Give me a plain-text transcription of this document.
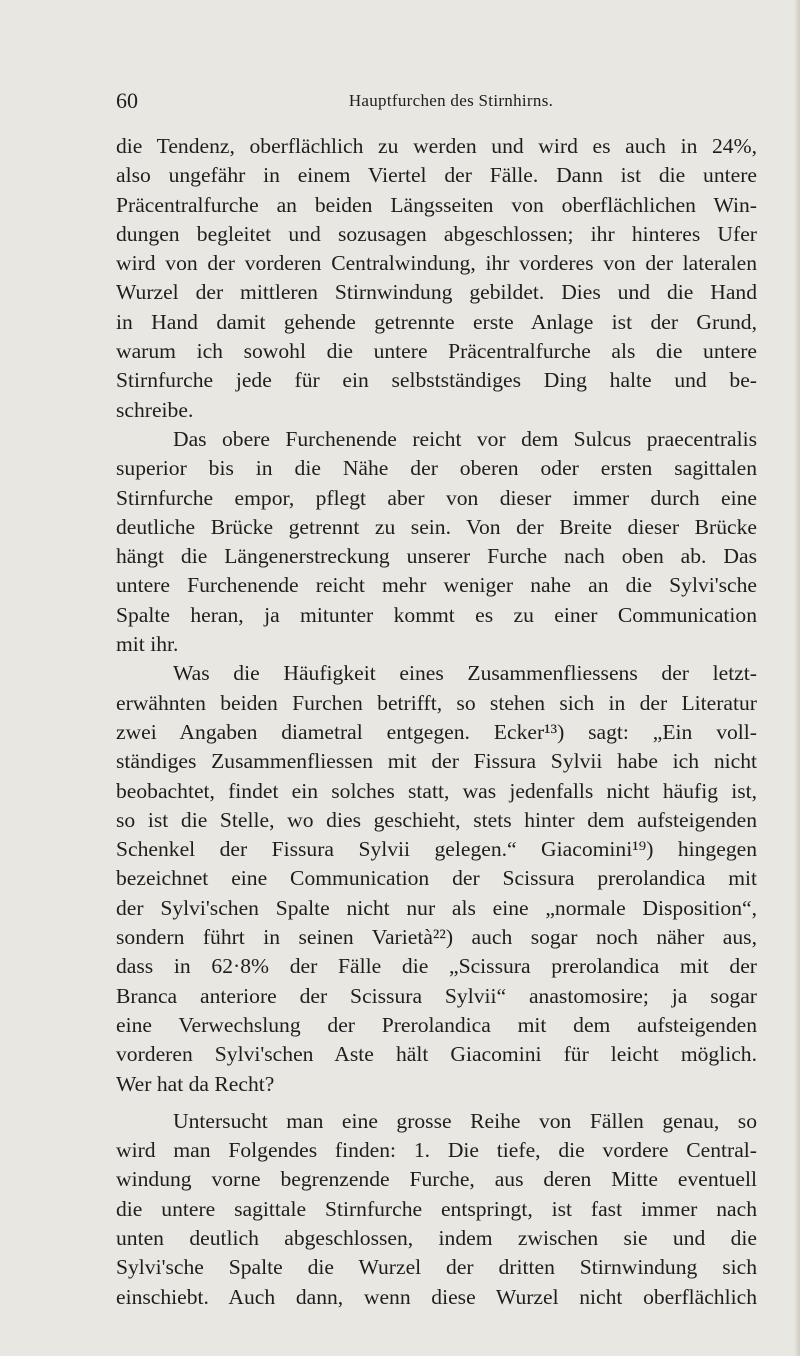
60	Hauptfurchen des Stirnhirns.
die Tendenz, oberflächlich zu werden und wird es auch in 24%,
also ungefähr in einem Viertel der Fälle. Dann ist die untere
Präcentralfurche an beiden Längsseiten von oberflächlichen Win-
dungen begleitet und sozusagen abgeschlossen; ihr hinteres Ufer
wird von der vorderen Centralwindung, ihr vorderes von der lateralen
Wurzel der mittleren Stirnwindung gebildet. Dies und die Hand
in Hand damit gehende getrennte erste Anlage ist der Grund,
warum ich sowohl die untere Präcentralfurche als die untere
Stirnfurche jede für ein selbstständiges Ding halte und be-
schreibe.
Das obere Furchenende reicht vor dem Sulcus praecentralis
superior bis in die Nähe der oberen oder ersten sagittalen
Stirnfurche empor, pflegt aber von dieser immer durch eine
deutliche Brücke getrennt zu sein. Von der Breite dieser Brücke
hängt die Längenerstreckung unserer Furche nach oben ab. Das
untere Furchenende reicht mehr weniger nahe an die Sylvi'sche
Spalte heran, ja mitunter kommt es zu einer Communication
mit ihr.
Was die Häufigkeit eines Zusammenfliessens der letzt-
erwähnten beiden Furchen betrifft, so stehen sich in der Literatur
zwei Angaben diametral entgegen. Ecker¹³) sagt: „Ein voll-
ständiges Zusammenfliessen mit der Fissura Sylvii habe ich nicht
beobachtet, findet ein solches statt, was jedenfalls nicht häufig ist,
so ist die Stelle, wo dies geschieht, stets hinter dem aufsteigenden
Schenkel der Fissura Sylvii gelegen.“ Giacomini¹⁹) hingegen
bezeichnet eine Communication der Scissura prerolandica mit
der Sylvi'schen Spalte nicht nur als eine „normale Disposition“,
sondern führt in seinen Varietà²²) auch sogar noch näher aus,
dass in 62·8% der Fälle die „Scissura prerolandica mit der
Branca anteriore der Scissura Sylvii“ anastomosire; ja sogar
eine Verwechslung der Prerolandica mit dem aufsteigenden
vorderen Sylvi'schen Aste hält Giacomini für leicht möglich.
Wer hat da Recht?
Untersucht man eine grosse Reihe von Fällen genau, so
wird man Folgendes finden: 1. Die tiefe, die vordere Central-
windung vorne begrenzende Furche, aus deren Mitte eventuell
die untere sagittale Stirnfurche entspringt, ist fast immer nach
unten deutlich abgeschlossen, indem zwischen sie und die
Sylvi'sche Spalte die Wurzel der dritten Stirnwindung sich
einschiebt. Auch dann, wenn diese Wurzel nicht oberflächlich
